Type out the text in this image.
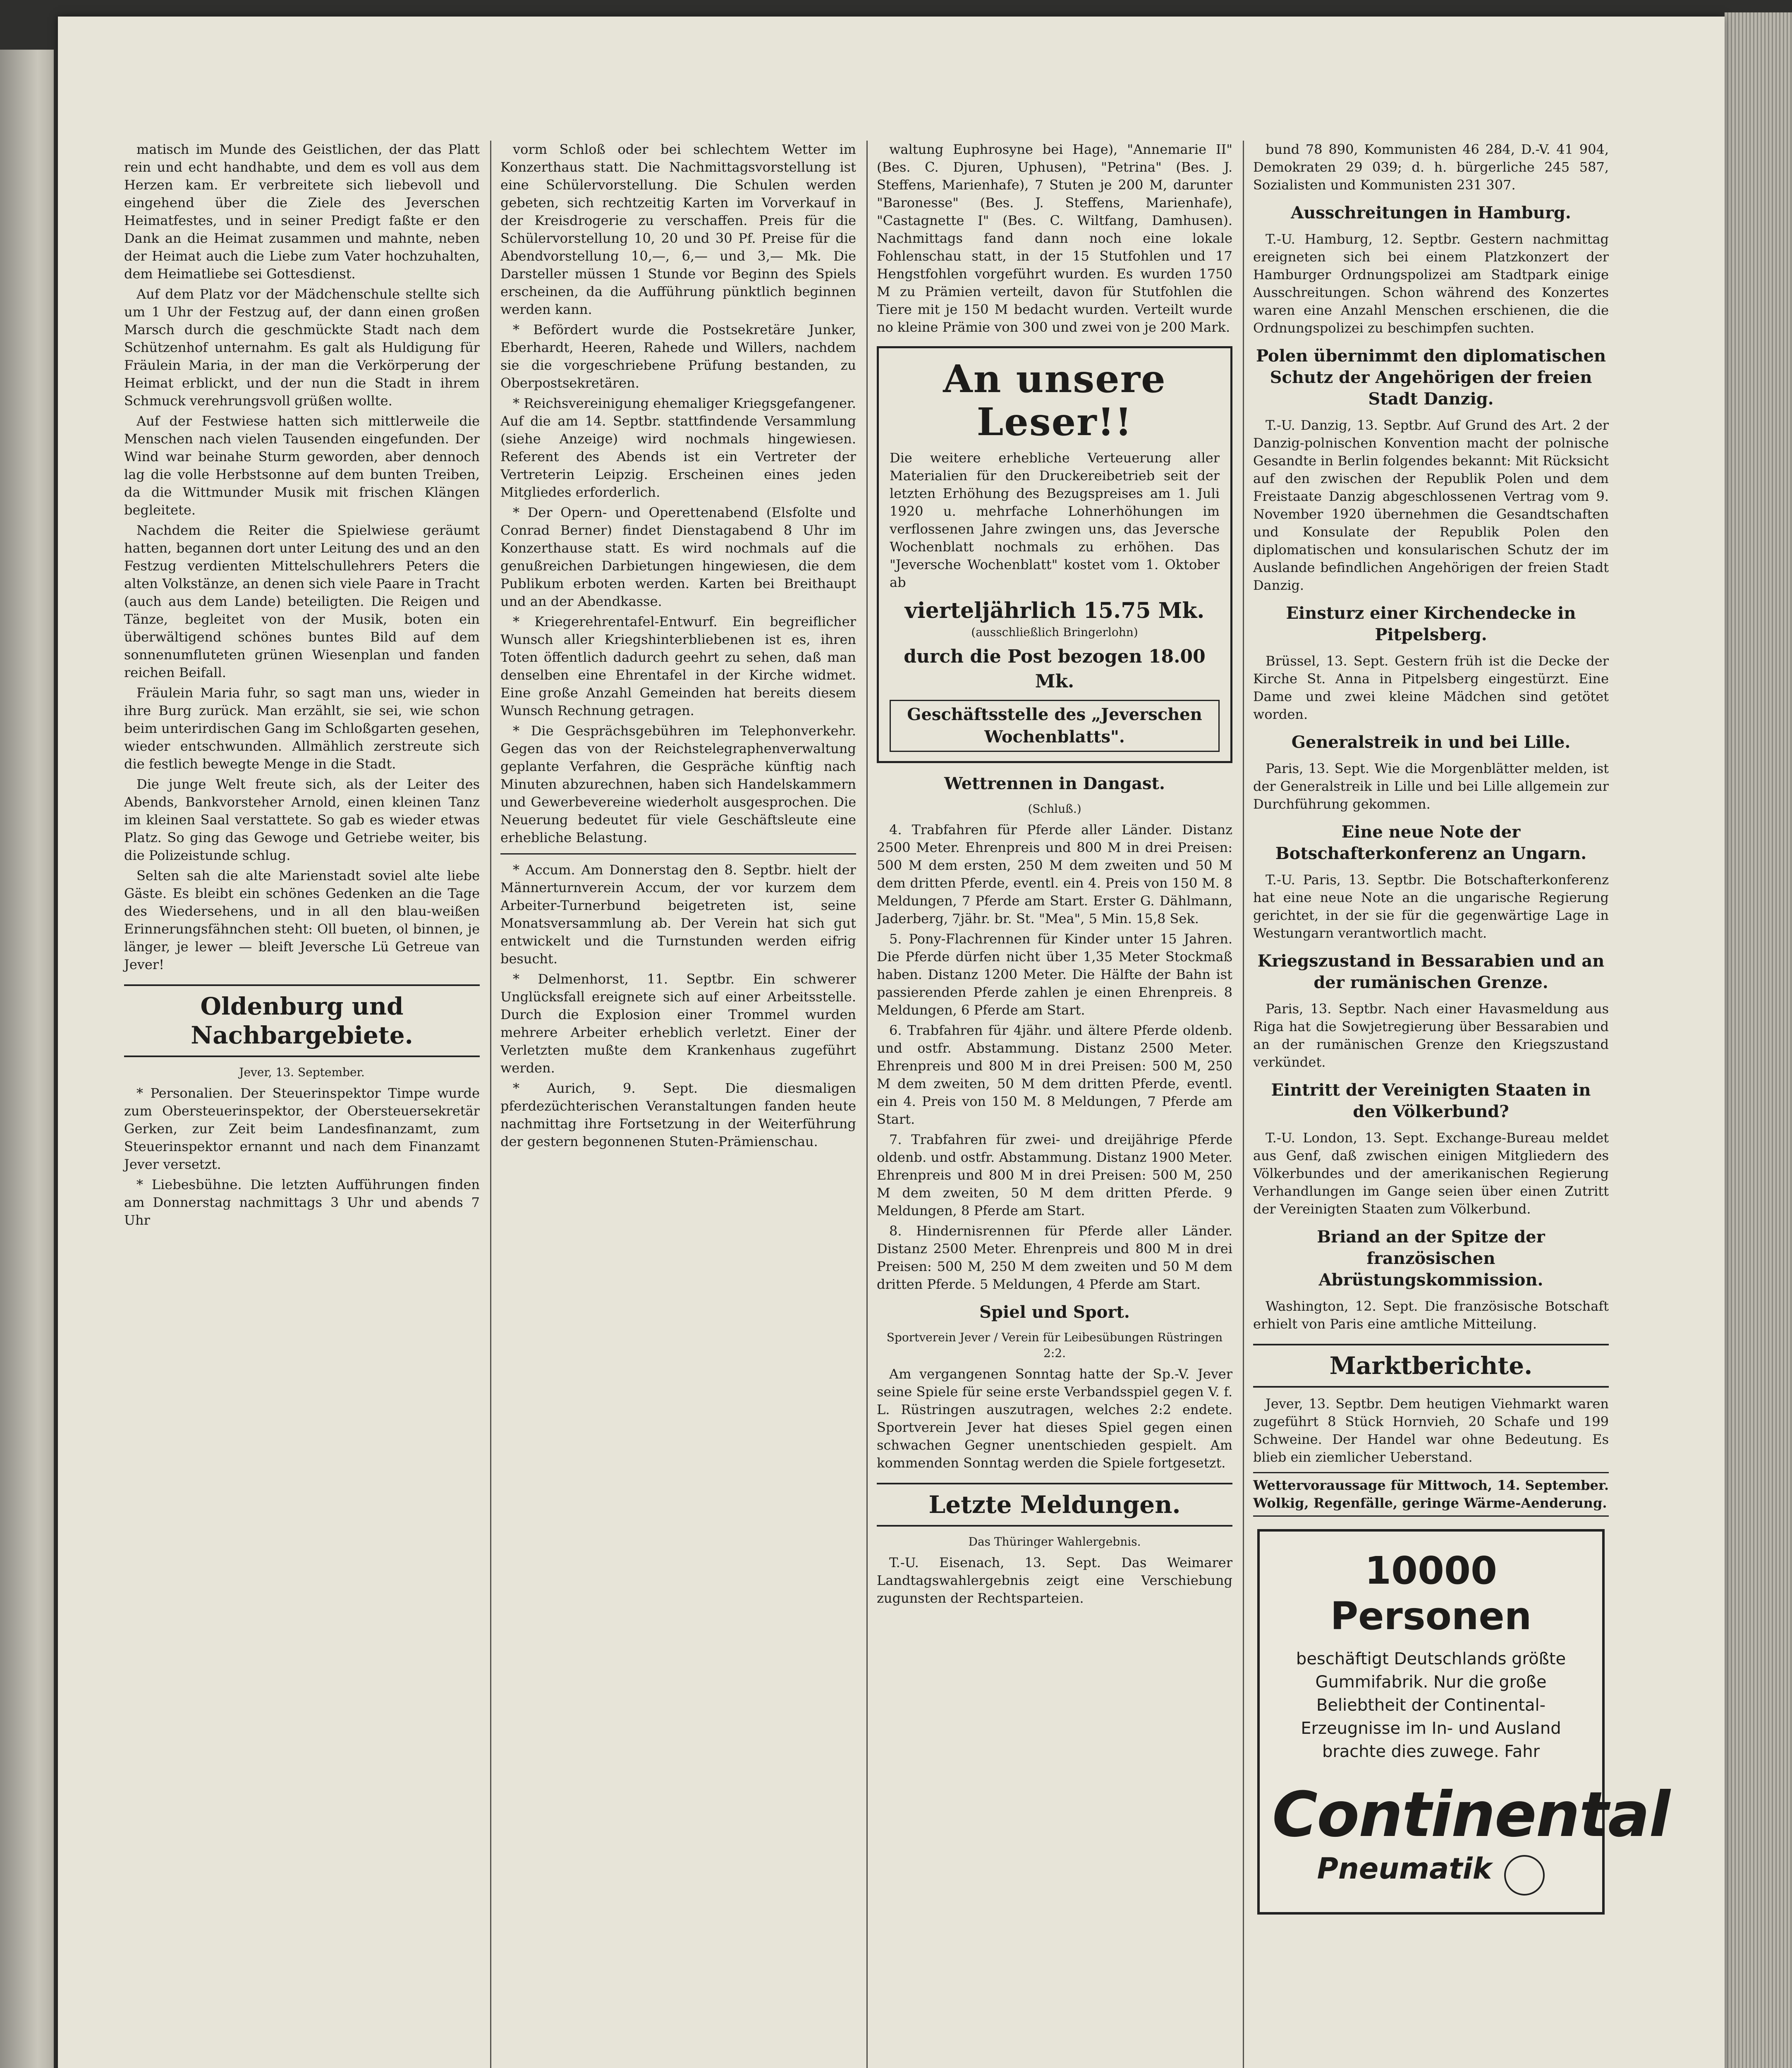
matisch im Munde des Geistlichen, der das Platt rein und echt handhabte, und dem es voll aus dem Herzen kam. Er verbreitete sich liebevoll und eingehend über die Ziele des Jeverschen Heimatfestes, und in seiner Predigt faßte er den Dank an die Heimat zusammen und mahnte, neben der Heimat auch die Liebe zum Vater hochzuhalten, dem Heimatliebe sei Gottesdienst.

Auf dem Platz vor der Mädchenschule stellte sich um 1 Uhr der Festzug auf, der dann einen großen Marsch durch die geschmückte Stadt nach dem Schützenhof unternahm. Es galt als Huldigung für Fräulein Maria, in der man die Verkörperung der Heimat erblickt, und der nun die Stadt in ihrem Schmuck verehrungsvoll grüßen wollte.

Auf der Festwiese hatten sich mittlerweile die Menschen nach vielen Tausenden eingefunden. Der Wind war beinahe Sturm geworden, aber dennoch lag die volle Herbstsonne auf dem bunten Treiben, da die Wittmunder Musik mit frischen Klängen begleitete.

Nachdem die Reiter die Spielwiese geräumt hatten, begannen dort unter Leitung des und an den Festzug verdienten Mittelschullehrers Peters die alten Volkstänze, an denen sich viele Paare in Tracht (auch aus dem Lande) beteiligten. Die Reigen und Tänze, begleitet von der Musik, boten ein überwältigend schönes buntes Bild auf dem sonnenumfluteten grünen Wiesenplan und fanden reichen Beifall.

Fräulein Maria fuhr, so sagt man uns, wieder in ihre Burg zurück. Man erzählt, sie sei, wie schon beim unterirdischen Gang im Schloßgarten gesehen, wieder entschwunden. Allmählich zerstreute sich die festlich bewegte Menge in die Stadt.

Die junge Welt freute sich, als der Leiter des Abends, Bankvorsteher Arnold, einen kleinen Tanz im kleinen Saal verstattete. So gab es wieder etwas Platz. So ging das Gewoge und Getriebe weiter, bis die Polizeistunde schlug.

Selten sah die alte Marienstadt soviel alte liebe Gäste. Es bleibt ein schönes Gedenken an die Tage des Wiedersehens, und in all den blau-weißen Erinnerungsfähnchen steht: Oll bueten, ol binnen, je länger, je lewer — bleift Jeversche Lü Getreue van Jever!

Oldenburg und Nachbargebiete.
Jever, 13. September.

* Personalien. Der Steuerinspektor Timpe wurde zum Obersteuerinspektor, der Obersteuersekretär Gerken, zur Zeit beim Landesfinanzamt, zum Steuerinspektor ernannt und nach dem Finanzamt Jever versetzt.

* Liebesbühne. Die letzten Aufführungen finden am Donnerstag nachmittags 3 Uhr und abends 7 Uhr

vorm Schloß oder bei schlechtem Wetter im Konzerthaus statt. Die Nachmittagsvorstellung ist eine Schülervorstellung. Die Schulen werden gebeten, sich rechtzeitig Karten im Vorverkauf in der Kreisdrogerie zu verschaffen. Preis für die Schülervorstellung 10, 20 und 30 Pf. Preise für die Abendvorstellung 10,—, 6,— und 3,— Mk. Die Darsteller müssen 1 Stunde vor Beginn des Spiels erscheinen, da die Aufführung pünktlich beginnen werden kann.

* Befördert wurde die Postsekretäre Junker, Eberhardt, Heeren, Rahede und Willers, nachdem sie die vorgeschriebene Prüfung bestanden, zu Oberpostsekretären.

* Reichsvereinigung ehemaliger Kriegsgefangener. Auf die am 14. Septbr. stattfindende Versammlung (siehe Anzeige) wird nochmals hingewiesen. Referent des Abends ist ein Vertreter der Vertreterin Leipzig. Erscheinen eines jeden Mitgliedes erforderlich.

* Der Opern- und Operettenabend (Elsfolte und Conrad Berner) findet Dienstagabend 8 Uhr im Konzerthause statt. Es wird nochmals auf die genußreichen Darbietungen hingewiesen, die dem Publikum erboten werden. Karten bei Breithaupt und an der Abendkasse.

* Kriegerehrentafel-Entwurf. Ein begreiflicher Wunsch aller Kriegshinterbliebenen ist es, ihren Toten öffentlich dadurch geehrt zu sehen, daß man denselben eine Ehrentafel in der Kirche widmet. Eine große Anzahl Gemeinden hat bereits diesem Wunsch Rechnung getragen.

* Die Gesprächsgebühren im Telephonverkehr. Gegen das von der Reichstelegraphenverwaltung geplante Verfahren, die Gespräche künftig nach Minuten abzurechnen, haben sich Handelskammern und Gewerbevereine wiederholt ausgesprochen. Die Neuerung bedeutet für viele Geschäftsleute eine erhebliche Belastung.

* Accum. Am Donnerstag den 8. Septbr. hielt der Männerturnverein Accum, der vor kurzem dem Arbeiter-Turnerbund beigetreten ist, seine Monatsversammlung ab. Der Verein hat sich gut entwickelt und die Turnstunden werden eifrig besucht.

* Delmenhorst, 11. Septbr. Ein schwerer Unglücksfall ereignete sich auf einer Arbeitsstelle. Durch die Explosion einer Trommel wurden mehrere Arbeiter erheblich verletzt. Einer der Verletzten mußte dem Krankenhaus zugeführt werden.

* Aurich, 9. Sept. Die diesmaligen pferdezüchterischen Veranstaltungen fanden heute nachmittag ihre Fortsetzung in der Weiterführung der gestern begonnenen Stuten-Prämienschau.

waltung Euphrosyne bei Hage), "Annemarie II" (Bes. C. Djuren, Uphusen), "Petrina" (Bes. J. Steffens, Marienhafe), 7 Stuten je 200 M, darunter "Baronesse" (Bes. J. Steffens, Marienhafe), "Castagnette I" (Bes. C. Wiltfang, Damhusen). Nachmittags fand dann noch eine lokale Fohlenschau statt, in der 15 Stutfohlen und 17 Hengstfohlen vorgeführt wurden. Es wurden 1750 M zu Prämien verteilt, davon für Stutfohlen die Tiere mit je 150 M bedacht wurden. Verteilt wurde no kleine Prämie von 300 und zwei von je 200 Mark.

An unsere Leser!!
Die weitere erhebliche Verteuerung aller Materialien für den Druckereibetrieb seit der letzten Erhöhung des Bezugspreises am 1. Juli 1920 u. mehrfache Lohnerhöhungen im verflossenen Jahre zwingen uns, das Jeversche Wochenblatt nochmals zu erhöhen. Das "Jeversche Wochenblatt" kostet vom 1. Oktober ab
vierteljährlich 15.75 Mk.
(ausschließlich Bringerlohn)
durch die Post bezogen 18.00 Mk.
Geschäftsstelle des „Jeverschen Wochenblatts".
Wettrennen in Dangast.
(Schluß.)

4. Trabfahren für Pferde aller Länder. Distanz 2500 Meter. Ehrenpreis und 800 M in drei Preisen: 500 M dem ersten, 250 M dem zweiten und 50 M dem dritten Pferde, eventl. ein 4. Preis von 150 M. 8 Meldungen, 7 Pferde am Start. Erster G. Dählmann, Jaderberg, 7jähr. br. St. "Mea", 5 Min. 15,8 Sek.

5. Pony-Flachrennen für Kinder unter 15 Jahren. Die Pferde dürfen nicht über 1,35 Meter Stockmaß haben. Distanz 1200 Meter. Die Hälfte der Bahn ist passierenden Pferde zahlen je einen Ehrenpreis. 8 Meldungen, 6 Pferde am Start.

6. Trabfahren für 4jähr. und ältere Pferde oldenb. und ostfr. Abstammung. Distanz 2500 Meter. Ehrenpreis und 800 M in drei Preisen: 500 M, 250 M dem zweiten, 50 M dem dritten Pferde, eventl. ein 4. Preis von 150 M. 8 Meldungen, 7 Pferde am Start.

7. Trabfahren für zwei- und dreijährige Pferde oldenb. und ostfr. Abstammung. Distanz 1900 Meter. Ehrenpreis und 800 M in drei Preisen: 500 M, 250 M dem zweiten, 50 M dem dritten Pferde. 9 Meldungen, 8 Pferde am Start.

8. Hindernisrennen für Pferde aller Länder. Distanz 2500 Meter. Ehrenpreis und 800 M in drei Preisen: 500 M, 250 M dem zweiten und 50 M dem dritten Pferde. 5 Meldungen, 4 Pferde am Start.

Spiel und Sport.
Sportverein Jever / Verein für Leibesübungen Rüstringen 2:2.

Am vergangenen Sonntag hatte der Sp.-V. Jever seine Spiele für seine erste Verbandsspiel gegen V. f. L. Rüstringen auszutragen, welches 2:2 endete. Sportverein Jever hat dieses Spiel gegen einen schwachen Gegner unentschieden gespielt. Am kommenden Sonntag werden die Spiele fortgesetzt.

Letzte Meldungen.
Das Thüringer Wahlergebnis.

T.-U. Eisenach, 13. Sept. Das Weimarer Landtagswahlergebnis zeigt eine Verschiebung zugunsten der Rechtsparteien.

bund 78 890, Kommunisten 46 284, D.-V. 41 904, Demokraten 29 039; d. h. bürgerliche 245 587, Sozialisten und Kommunisten 231 307.

Ausschreitungen in Hamburg.

T.-U. Hamburg, 12. Septbr. Gestern nachmittag ereigneten sich bei einem Platzkonzert der Hamburger Ordnungspolizei am Stadtpark einige Ausschreitungen. Schon während des Konzertes waren eine Anzahl Menschen erschienen, die die Ordnungspolizei zu beschimpfen suchten.

Polen übernimmt den diplomatischen Schutz der Angehörigen der freien Stadt Danzig.

T.-U. Danzig, 13. Septbr. Auf Grund des Art. 2 der Danzig-polnischen Konvention macht der polnische Gesandte in Berlin folgendes bekannt: Mit Rücksicht auf den zwischen der Republik Polen und dem Freistaate Danzig abgeschlossenen Vertrag vom 9. November 1920 übernehmen die Gesandtschaften und Konsulate der Republik Polen den diplomatischen und konsularischen Schutz der im Auslande befindlichen Angehörigen der freien Stadt Danzig.

Einsturz einer Kirchendecke in Pitpelsberg.

Brüssel, 13. Sept. Gestern früh ist die Decke der Kirche St. Anna in Pitpelsberg eingestürzt. Eine Dame und zwei kleine Mädchen sind getötet worden.

Generalstreik in und bei Lille.

Paris, 13. Sept. Wie die Morgenblätter melden, ist der Generalstreik in Lille und bei Lille allgemein zur Durchführung gekommen.

Eine neue Note der Botschafterkonferenz an Ungarn.

T.-U. Paris, 13. Septbr. Die Botschafterkonferenz hat eine neue Note an die ungarische Regierung gerichtet, in der sie für die gegenwärtige Lage in Westungarn verantwortlich macht.

Kriegszustand in Bessarabien und an der rumänischen Grenze.

Paris, 13. Septbr. Nach einer Havasmeldung aus Riga hat die Sowjetregierung über Bessarabien und an der rumänischen Grenze den Kriegszustand verkündet.

Eintritt der Vereinigten Staaten in den Völkerbund?

T.-U. London, 13. Sept. Exchange-Bureau meldet aus Genf, daß zwischen einigen Mitgliedern des Völkerbundes und der amerikanischen Regierung Verhandlungen im Gange seien über einen Zutritt der Vereinigten Staaten zum Völkerbund.

Briand an der Spitze der französischen Abrüstungskommission.

Washington, 12. Sept. Die französische Botschaft erhielt von Paris eine amtliche Mitteilung.

Marktberichte.

Jever, 13. Septbr. Dem heutigen Viehmarkt waren zugeführt 8 Stück Hornvieh, 20 Schafe und 199 Schweine. Der Handel war ohne Bedeutung. Es blieb ein ziemlicher Ueberstand.

Wettervoraussage für Mittwoch, 14. September. Wolkig, Regenfälle, geringe Wärme-Aenderung.
10000 Personen
beschäftigt Deutschlands größte Gummifabrik. Nur die große Beliebtheit der Continental-Erzeugnisse im In- und Ausland brachte dies zuwege. Fahr
Continental
Pneumatik
